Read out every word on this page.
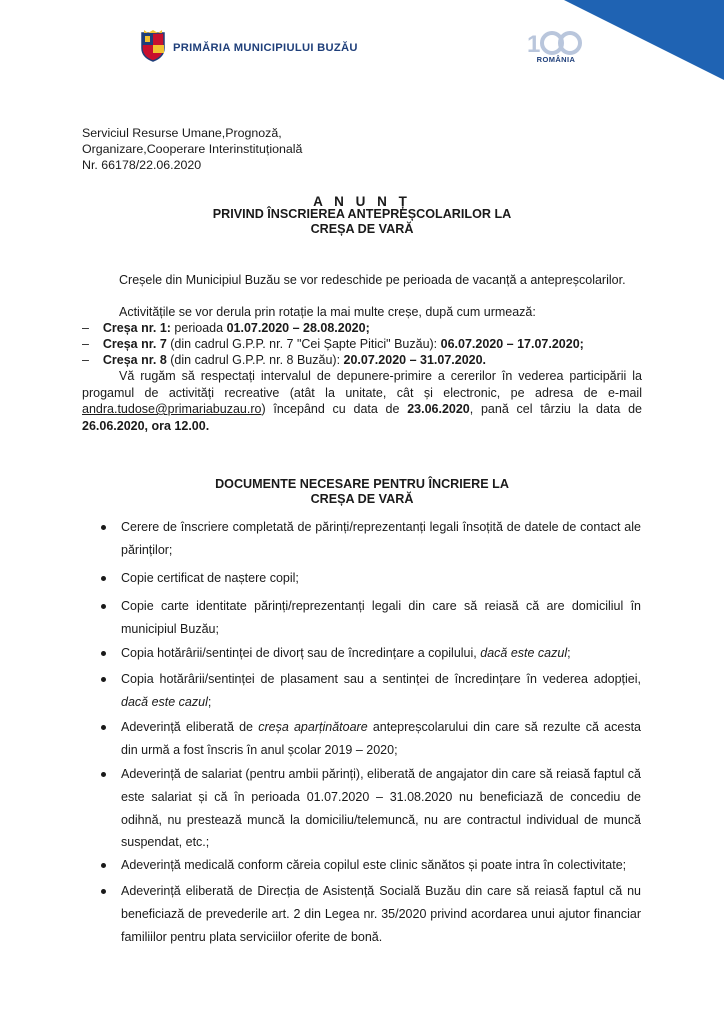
PRIMĂRIA MUNICIPIULUI BUZĂU	1
ROMÂNIA
Serviciul Resurse Umane,Prognoză,
Organizare,Cooperare Interinstituțională
Nr. 66178/22.06.2020
A N U N Ț
PRIVIND ÎNSCRIEREA ANTEPREȘCOLARILOR LA
CREȘA DE VARĂ
Creșele din Municipiul Buzău se vor redeschide pe perioada de vacanță a antepreșcolarilor.
Activitățile se vor derula prin rotație la mai multe creșe, după cum urmează:
– Creșa nr. 1: perioada 01.07.2020 – 28.08.2020;
– Creșa nr. 7 (din cadrul G.P.P. nr. 7 "Cei Șapte Pitici" Buzău): 06.07.2020 – 17.07.2020;
– Creșa nr. 8 (din cadrul G.P.P. nr. 8 Buzău): 20.07.2020 – 31.07.2020.
Vă rugăm să respectați intervalul de depunere-primire a cererilor în vederea participării la progamul de activități recreative (atât la unitate, cât și electronic, pe adresa de e-mail andra.tudose@primariabuzau.ro) începând cu data de 23.06.2020, pană cel târziu la data de 26.06.2020, ora 12.00.
DOCUMENTE NECESARE PENTRU ÎNCRIERE LA
CREȘA DE VARĂ
Cerere de înscriere completată de părinți/reprezentanți legali însoțită de datele de contact ale părinților;
Copie certificat de naștere copil;
Copie carte identitate părinți/reprezentanți legali din care să reiasă că are domiciliul în municipiul Buzău;
Copia hotărârii/sentinței de divorț sau de încredințare a copilului, dacă este cazul;
Copia hotărârii/sentinței de plasament sau a sentinței de încredințare în vederea adopției, dacă este cazul;
Adeverință eliberată de creșa aparținătoare antepreșcolarului din care să rezulte că acesta din urmă a fost înscris în anul școlar 2019 – 2020;
Adeverință de salariat (pentru ambii părinți), eliberată de angajator din care să reiasă faptul că este salariat și că în perioada 01.07.2020 – 31.08.2020 nu beneficiază de concediu de odihnă, nu prestează muncă la domiciliu/telemuncă, nu are contractul individual de muncă suspendat, etc.;
Adeverință medicală conform căreia copilul este clinic sănătos și poate intra în colectivitate;
Adeverință eliberată de Direcția de Asistență Socială Buzău din care să reiasă faptul că nu beneficiază de prevederile art. 2 din Legea nr. 35/2020 privind acordarea unui ajutor financiar familiilor pentru plata serviciilor oferite de bonă.
